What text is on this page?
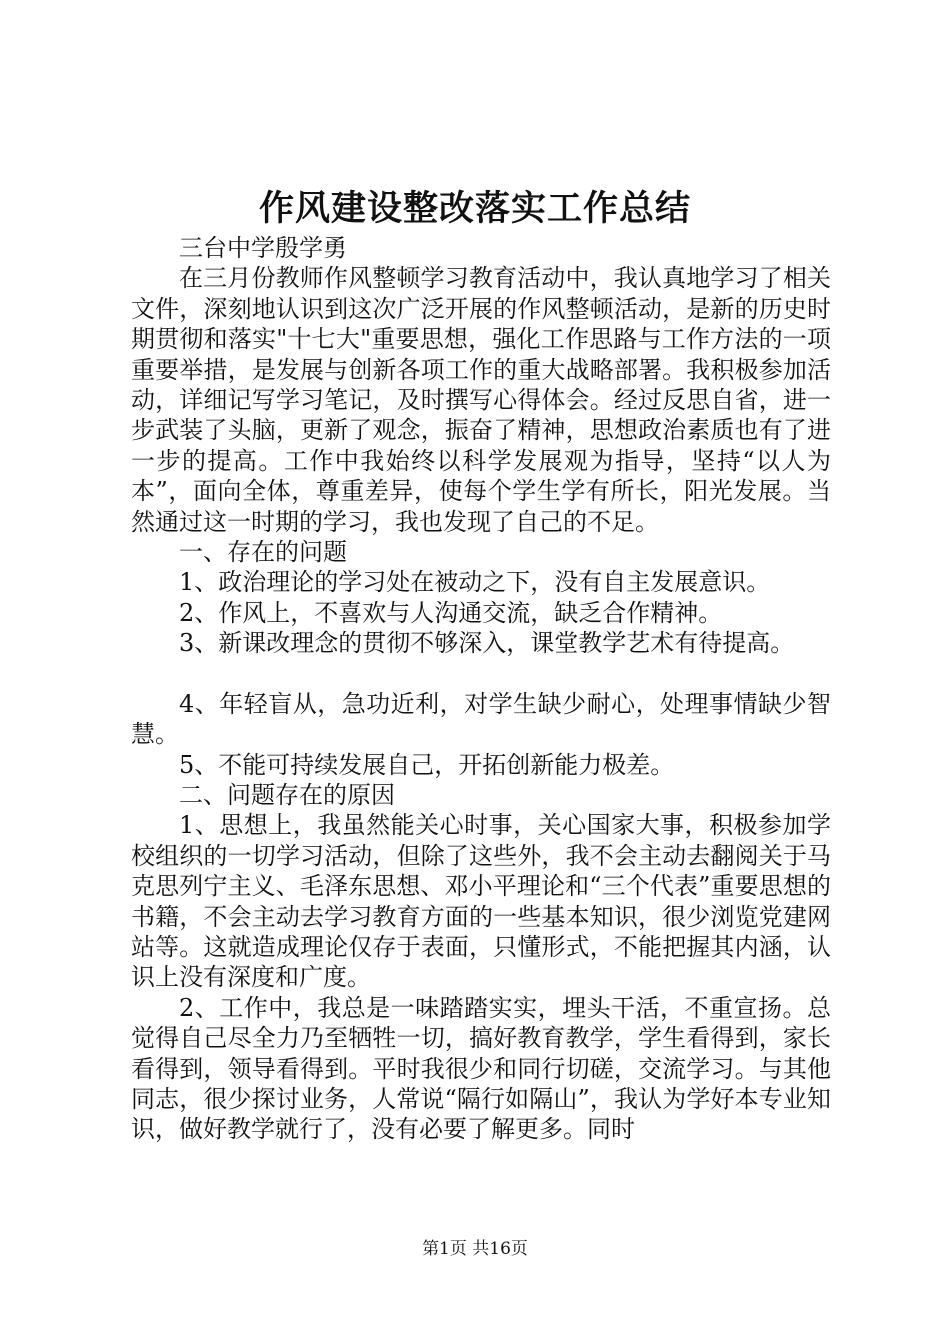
作风建设整改落实工作总结

三台中学殷学勇

在三月份教师作风整顿学习教育活动中，我认真地学习了相关文件，深刻地认识到这次广泛开展的作风整顿活动，是新的历史时期贯彻和落实"十七大"重要思想，强化工作思路与工作方法的一项重要举措，是发展与创新各项工作的重大战略部署。我积极参加活动，详细记写学习笔记，及时撰写心得体会。经过反思自省，进一步武装了头脑，更新了观念，振奋了精神，思想政治素质也有了进一步的提高。工作中我始终以科学发展观为指导，坚持“以人为本”，面向全体，尊重差异，使每个学生学有所长，阳光发展。当然通过这一时期的学习，我也发现了自己的不足。

一、存在的问题

1、政治理论的学习处在被动之下，没有自主发展意识。

2、作风上，不喜欢与人沟通交流，缺乏合作精神。

3、新课改理念的贯彻不够深入，课堂教学艺术有待提高。

4、年轻盲从，急功近利，对学生缺少耐心，处理事情缺少智慧。

5、不能可持续发展自己，开拓创新能力极差。

二、问题存在的原因

1、思想上，我虽然能关心时事，关心国家大事，积极参加学校组织的一切学习活动，但除了这些外，我不会主动去翻阅关于马克思列宁主义、毛泽东思想、邓小平理论和“三个代表”重要思想的书籍，不会主动去学习教育方面的一些基本知识，很少浏览党建网站等。这就造成理论仅存于表面，只懂形式，不能把握其内涵，认识上没有深度和广度。

2、工作中，我总是一味踏踏实实，埋头干活，不重宣扬。总觉得自己尽全力乃至牺牲一切，搞好教育教学，学生看得到，家长看得到，领导看得到。平时我很少和同行切磋，交流学习。与其他同志，很少探讨业务，人常说“隔行如隔山”，我认为学好本专业知识，做好教学就行了，没有必要了解更多。同时

第1页 共16页
